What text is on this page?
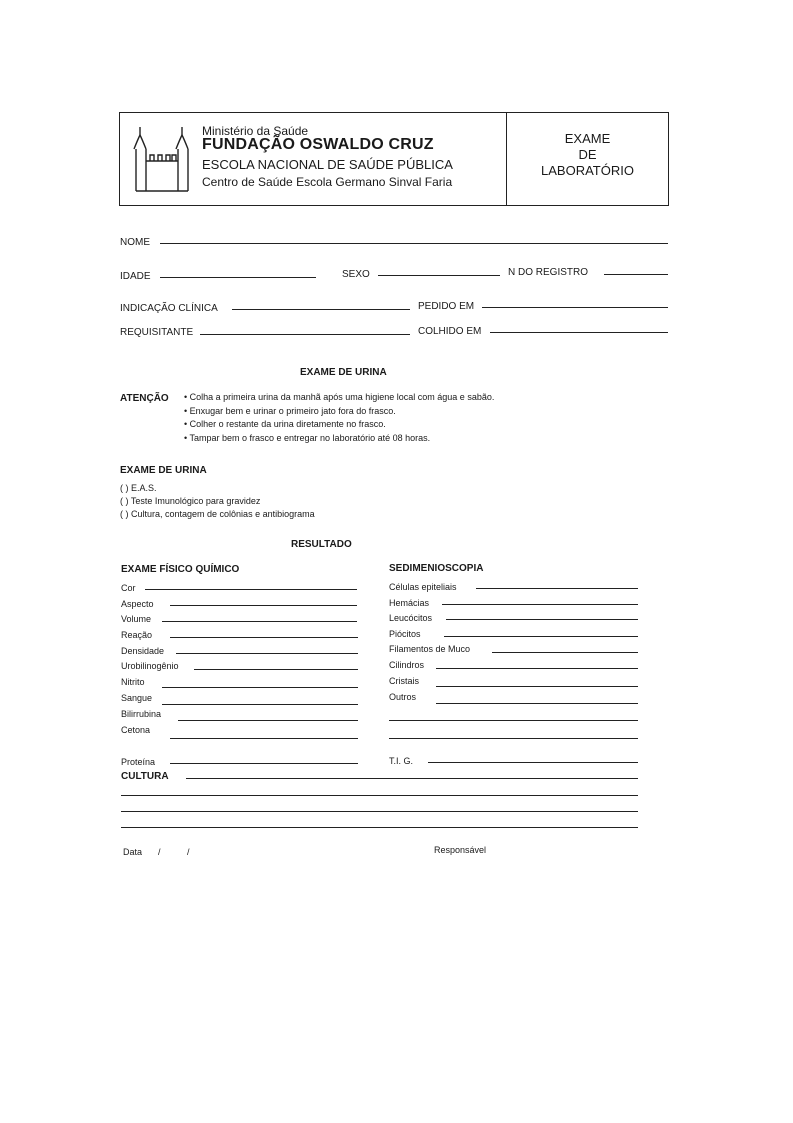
Ministério da Saúde
FUNDAÇÃO OSWALDO CRUZ
ESCOLA NACIONAL DE SAÚDE PÚBLICA
Centro de Saúde Escola Germano Sinval Faria
EXAME
DE
LABORATÓRIO
NOME
IDADE	SEXO	N DO REGISTRO
INDICAÇÃO CLÍNICA	PEDIDO EM
REQUISITANTE	COLHIDO EM
EXAME DE URINA
ATENÇÃO • Colha a primeira urina da manhã após uma higiene local com água e sabão.
• Enxugar bem e urinar o primeiro jato fora do frasco.
• Colher o restante da urina diretamente no frasco.
• Tampar bem o frasco e entregar no laboratório até 08 horas.
EXAME DE URINA
( ) E.A.S.
( ) Teste Imunológico para gravidez
( ) Cultura, contagem de colônias e antibiograma
RESULTADO
EXAME FÍSICO QUÍMICO
Cor
Aspecto
Volume
Reação
Densidade
Urobilinogênio
Nitrito
Sangue
Bilirrubina
Cetona
Proteína
SEDIMENIOSCOPIA
Células epiteliais
Hemácias
Leucócitos
Piócitos
Filamentos de Muco
Cilindros
Cristais
Outros
T.I. G.
CULTURA
Data /	/	Responsável
